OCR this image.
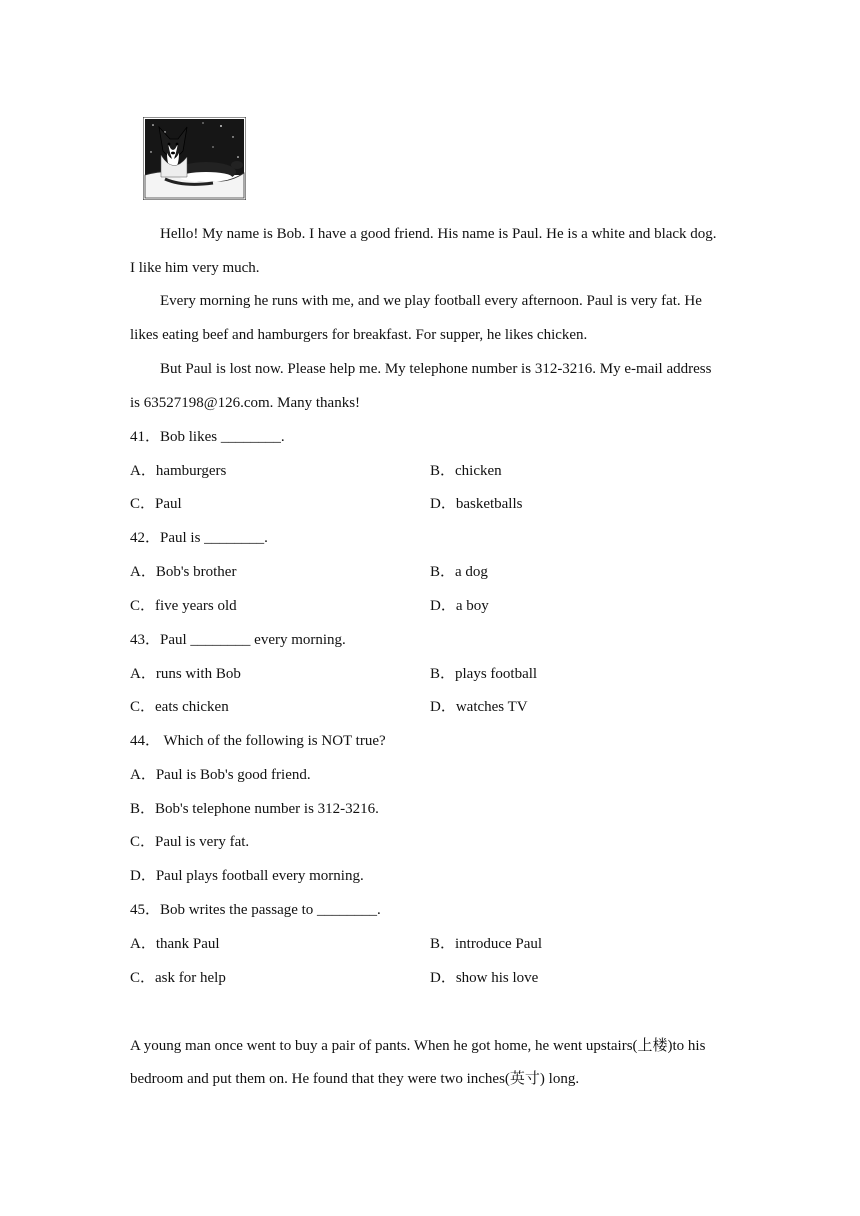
Hello! My name is Bob. I have a good friend. His name is Paul. He is a white and black dog.
I like him very much.
Every morning he runs with me, and we play football every afternoon. Paul is very fat. He
likes eating beef and hamburgers for breakfast. For supper, he likes chicken.
But Paul is lost now. Please help me. My telephone number is 312-3216. My e-mail address
is 63527198@126.com. Many thanks!
41．Bob likes ________.
A．hamburgers	B．chicken
C．Paul	D．basketballs
42．Paul is ________.
A．Bob's brother	B．a dog
C．five years old	D．a boy
43．Paul ________ every morning.
A．runs with Bob	B．plays football
C．eats chicken	D．watches TV
44． Which of the following is NOT true?
A．Paul is Bob's good friend.
B．Bob's telephone number is 312-3216.
C．Paul is very fat.
D．Paul plays football every morning.
45．Bob writes the passage to ________.
A．thank Paul	B．introduce Paul
C．ask for help	D．show his love
A young man once went to buy a pair of pants. When he got home, he went upstairs(上楼)to his
bedroom and put them on. He found that they were two inches(英寸) long.
